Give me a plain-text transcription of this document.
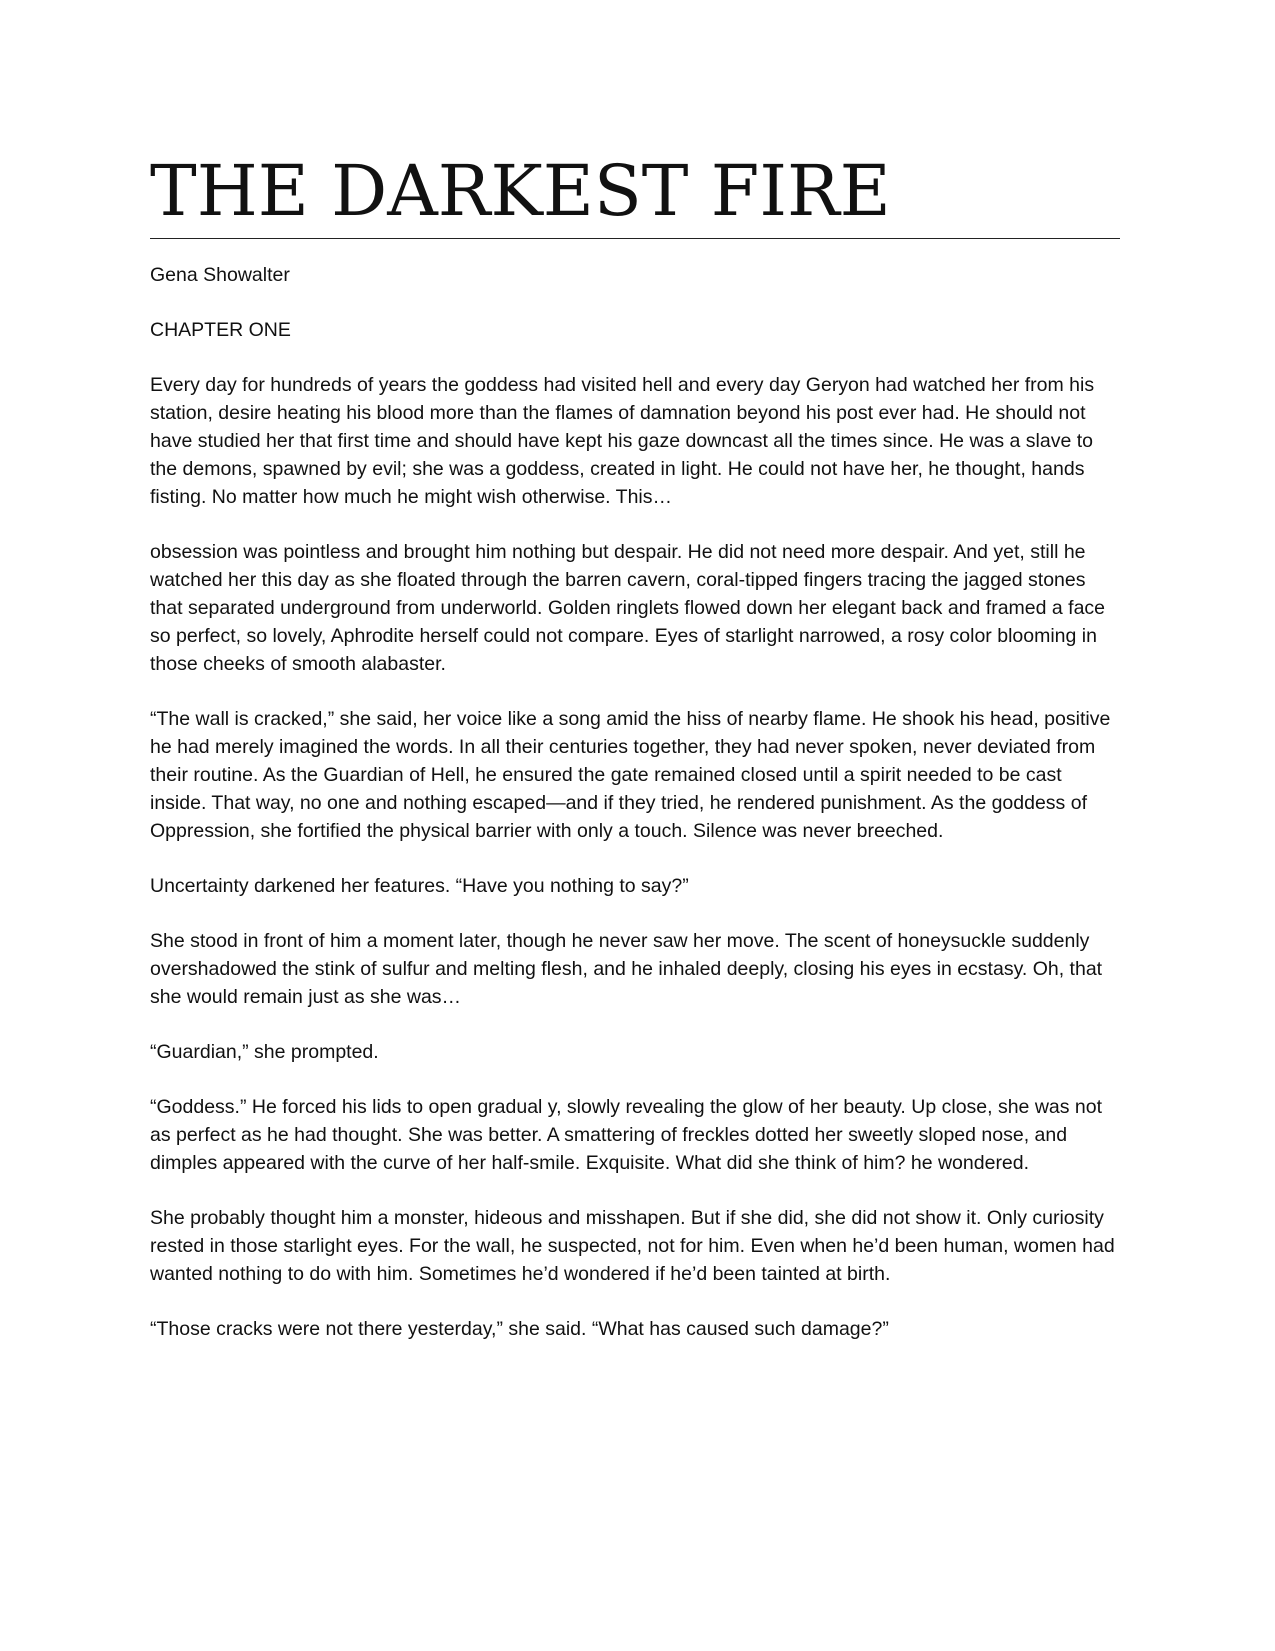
THE DARKEST FIRE

Gena Showalter

CHAPTER ONE

Every day for hundreds of years the goddess had visited hell and every day Geryon had watched her from his station, desire heating his blood more than the flames of damnation beyond his post ever had. He should not have studied her that first time and should have kept his gaze downcast all the times since. He was a slave to the demons, spawned by evil; she was a goddess, created in light. He could not have her, he thought, hands fisting. No matter how much he might wish otherwise. This…

obsession was pointless and brought him nothing but despair. He did not need more despair. And yet, still he watched her this day as she floated through the barren cavern, coral-tipped fingers tracing the jagged stones that separated underground from underworld. Golden ringlets flowed down her elegant back and framed a face so perfect, so lovely, Aphrodite herself could not compare. Eyes of starlight narrowed, a rosy color blooming in those cheeks of smooth alabaster.

“The wall is cracked,” she said, her voice like a song amid the hiss of nearby flame. He shook his head, positive he had merely imagined the words. In all their centuries together, they had never spoken, never deviated from their routine. As the Guardian of Hell, he ensured the gate remained closed until a spirit needed to be cast inside. That way, no one and nothing escaped—and if they tried, he rendered punishment. As the goddess of Oppression, she fortified the physical barrier with only a touch. Silence was never breeched.

Uncertainty darkened her features. “Have you nothing to say?”

She stood in front of him a moment later, though he never saw her move. The scent of honeysuckle suddenly overshadowed the stink of sulfur and melting flesh, and he inhaled deeply, closing his eyes in ecstasy. Oh, that she would remain just as she was…

“Guardian,” she prompted.

“Goddess.” He forced his lids to open gradual y, slowly revealing the glow of her beauty. Up close, she was not as perfect as he had thought. She was better. A smattering of freckles dotted her sweetly sloped nose, and dimples appeared with the curve of her half-smile. Exquisite. What did she think of him? he wondered.

She probably thought him a monster, hideous and misshapen. But if she did, she did not show it. Only curiosity rested in those starlight eyes. For the wall, he suspected, not for him. Even when he’d been human, women had wanted nothing to do with him. Sometimes he’d wondered if he’d been tainted at birth.

“Those cracks were not there yesterday,” she said. “What has caused such damage?”
